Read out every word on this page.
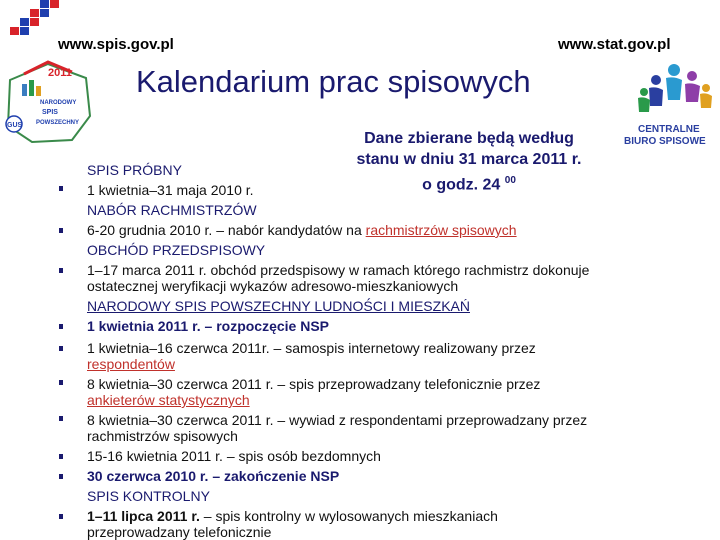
www.spis.gov.pl	www.stat.gov.pl
Kalendarium prac spisowych
2011
NARODOWY
SPIS
POWSZECHNY
GUS	CENTRALNE
BIURO SPISOWE
Dane zbierane będą według
stanu w dniu 31 marca 2011 r.
o godz. 24 $^{00}$
SPIS PRÓBNY
1 kwietnia–31 maja 2010 r.
NABÓR RACHMISTRZÓW
6-20 grudnia 2010 r. – nabór kandydatów na rachmistrzów spisowych
OBCHÓD PRZEDSPISOWY
1–17 marca 2011 r. obchód przedspisowy w ramach którego rachmistrz dokonuje
ostatecznej weryfikacji wykazów adresowo-mieszkaniowych
NARODOWY SPIS POWSZECHNY LUDNOŚCI I MIESZKAŃ
1 kwietnia 2011 r. – rozpoczęcie NSP
1 kwietnia–16 czerwca 2011r. – samospis internetowy realizowany przez
respondentów
8 kwietnia–30 czerwca 2011 r. – spis przeprowadzany telefonicznie przez
ankieterów statystycznych
8 kwietnia–30 czerwca 2011 r. – wywiad z respondentami przeprowadzany przez
rachmistrzów spisowych
15-16 kwietnia 2011 r. – spis osób bezdomnych
30 czerwca 2010 r. – zakończenie NSP
SPIS KONTROLNY
1–11 lipca 2011 r. – spis kontrolny w wylosowanych mieszkaniach
przeprowadzany telefonicznie
